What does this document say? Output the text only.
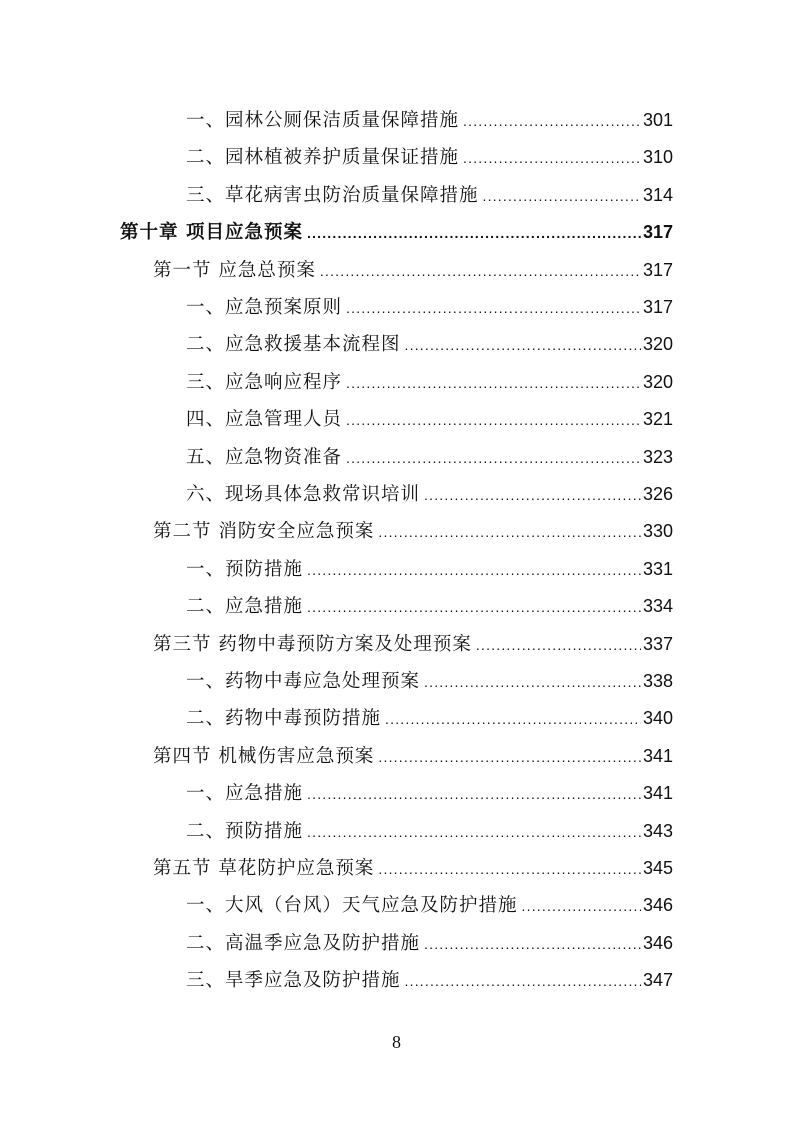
一、园林公厕保洁质量保障措施 .....	301
二、园林植被养护质量保证措施 .....	310
三、草花病害虫防治质量保障措施 .....	314
第十章 项目应急预案 .....	317
第一节 应急总预案 .....	317
一、应急预案原则 .....	317
二、应急救援基本流程图 .....	320
三、应急响应程序 .....	320
四、应急管理人员 .....	321
五、应急物资准备 .....	323
六、现场具体急救常识培训 .....	326
第二节 消防安全应急预案 .....	330
一、预防措施 .....	331
二、应急措施 .....	334
第三节 药物中毒预防方案及处理预案 .....	337
一、药物中毒应急处理预案 .....	338
二、药物中毒预防措施 .....	340
第四节 机械伤害应急预案 .....	341
一、应急措施 .....	341
二、预防措施 .....	343
第五节 草花防护应急预案 .....	345
一、大风（台风）天气应急及防护措施 .....	346
二、高温季应急及防护措施 .....	346
三、旱季应急及防护措施 .....	347
8
